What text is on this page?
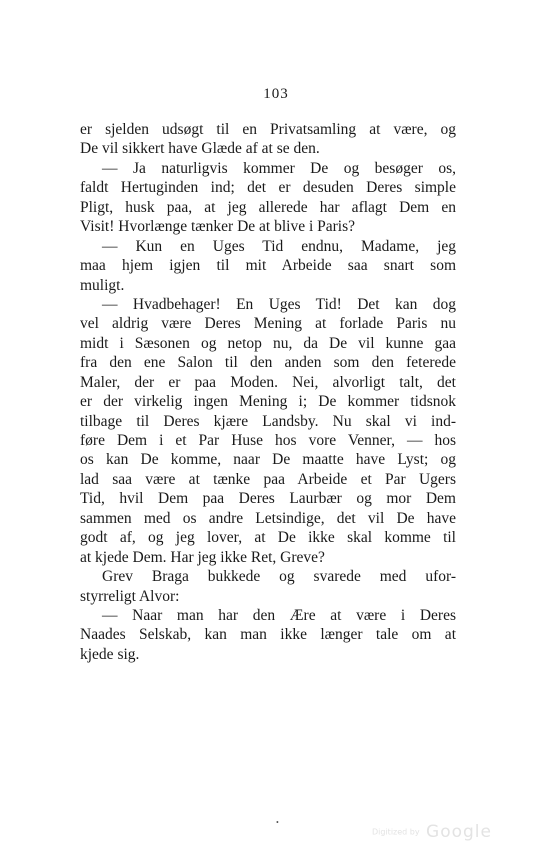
103
er sjelden udsøgt til en Privatsamling at være, og
De vil sikkert have Glæde af at se den.
— Ja naturligvis kommer De og besøger os,
faldt Hertuginden ind; det er desuden Deres simple
Pligt, husk paa, at jeg allerede har aflagt Dem en
Visit! Hvorlænge tænker De at blive i Paris?
— Kun en Uges Tid endnu, Madame, jeg
maa hjem igjen til mit Arbeide saa snart som
muligt.
— Hvadbehager! En Uges Tid! Det kan dog
vel aldrig være Deres Mening at forlade Paris nu
midt i Sæsonen og netop nu, da De vil kunne gaa
fra den ene Salon til den anden som den feterede
Maler, der er paa Moden. Nei, alvorligt talt, det
er der virkelig ingen Mening i; De kommer tidsnok
tilbage til Deres kjære Landsby. Nu skal vi ind-
føre Dem i et Par Huse hos vore Venner, — hos
os kan De komme, naar De maatte have Lyst; og
lad saa være at tænke paa Arbeide et Par Ugers
Tid, hvil Dem paa Deres Laurbær og mor Dem
sammen med os andre Letsindige, det vil De have
godt af, og jeg lover, at De ikke skal komme til
at kjede Dem. Har jeg ikke Ret, Greve?
Grev Braga bukkede og svarede med ufor-
styrreligt Alvor:
— Naar man har den Ære at være i Deres
Naades Selskab, kan man ikke længer tale om at
kjede sig.
•
Digitized by Google
